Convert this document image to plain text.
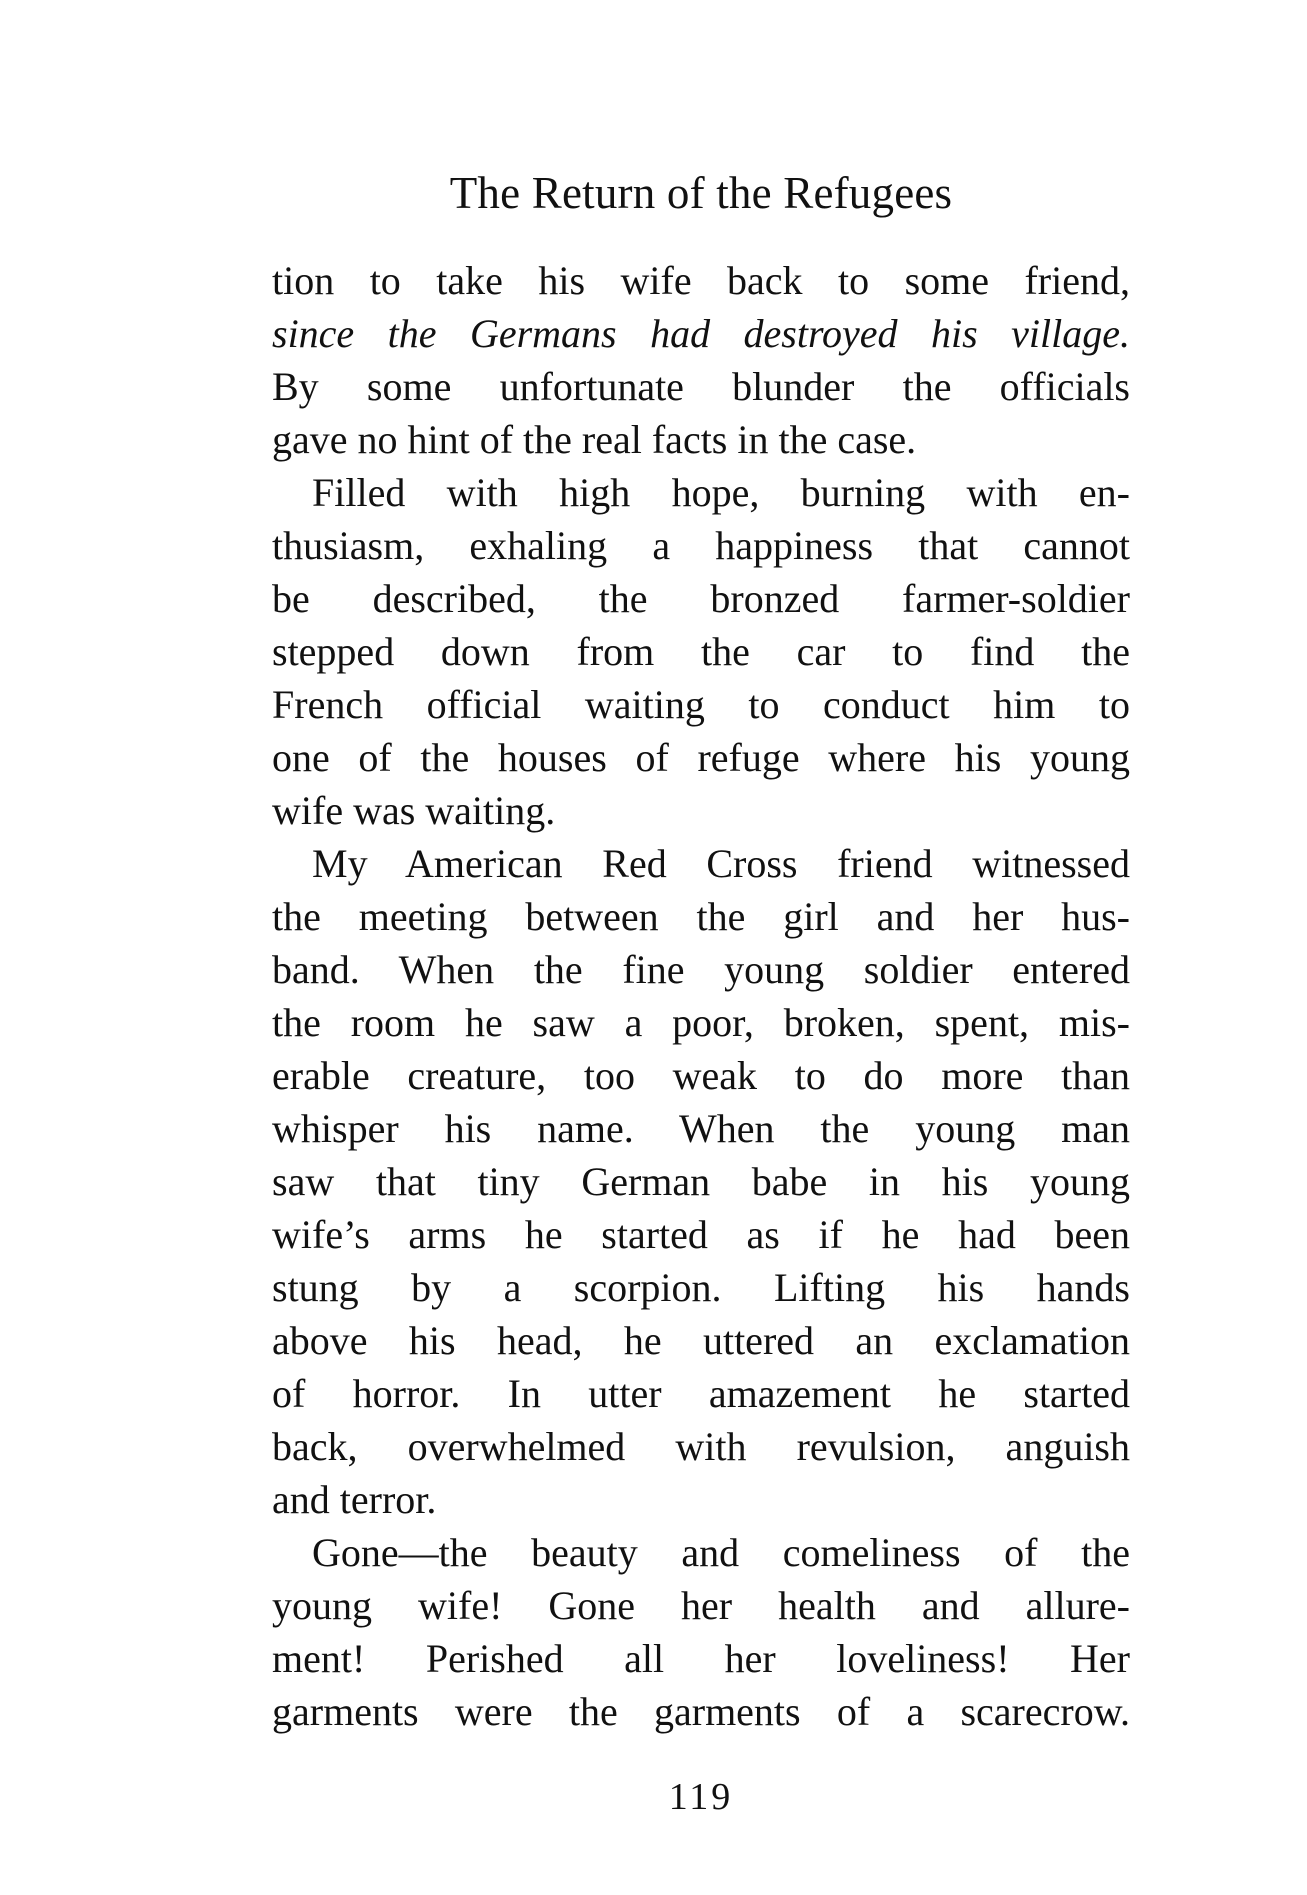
The Return of the Refugees
tion to take his wife back to some friend,
since the Germans had destroyed his village.
By some unfortunate blunder the officials
gave no hint of the real facts in the case.
Filled with high hope, burning with en-
thusiasm, exhaling a happiness that cannot
be described, the bronzed farmer-soldier
stepped down from the car to find the
French official waiting to conduct him to
one of the houses of refuge where his young
wife was waiting.
My American Red Cross friend witnessed
the meeting between the girl and her hus-
band. When the fine young soldier entered
the room he saw a poor, broken, spent, mis-
erable creature, too weak to do more than
whisper his name. When the young man
saw that tiny German babe in his young
wife’s arms he started as if he had been
stung by a scorpion. Lifting his hands
above his head, he uttered an exclamation
of horror. In utter amazement he started
back, overwhelmed with revulsion, anguish
and terror.
Gone—the beauty and comeliness of the
young wife! Gone her health and allure-
ment! Perished all her loveliness! Her
garments were the garments of a scarecrow.
119
